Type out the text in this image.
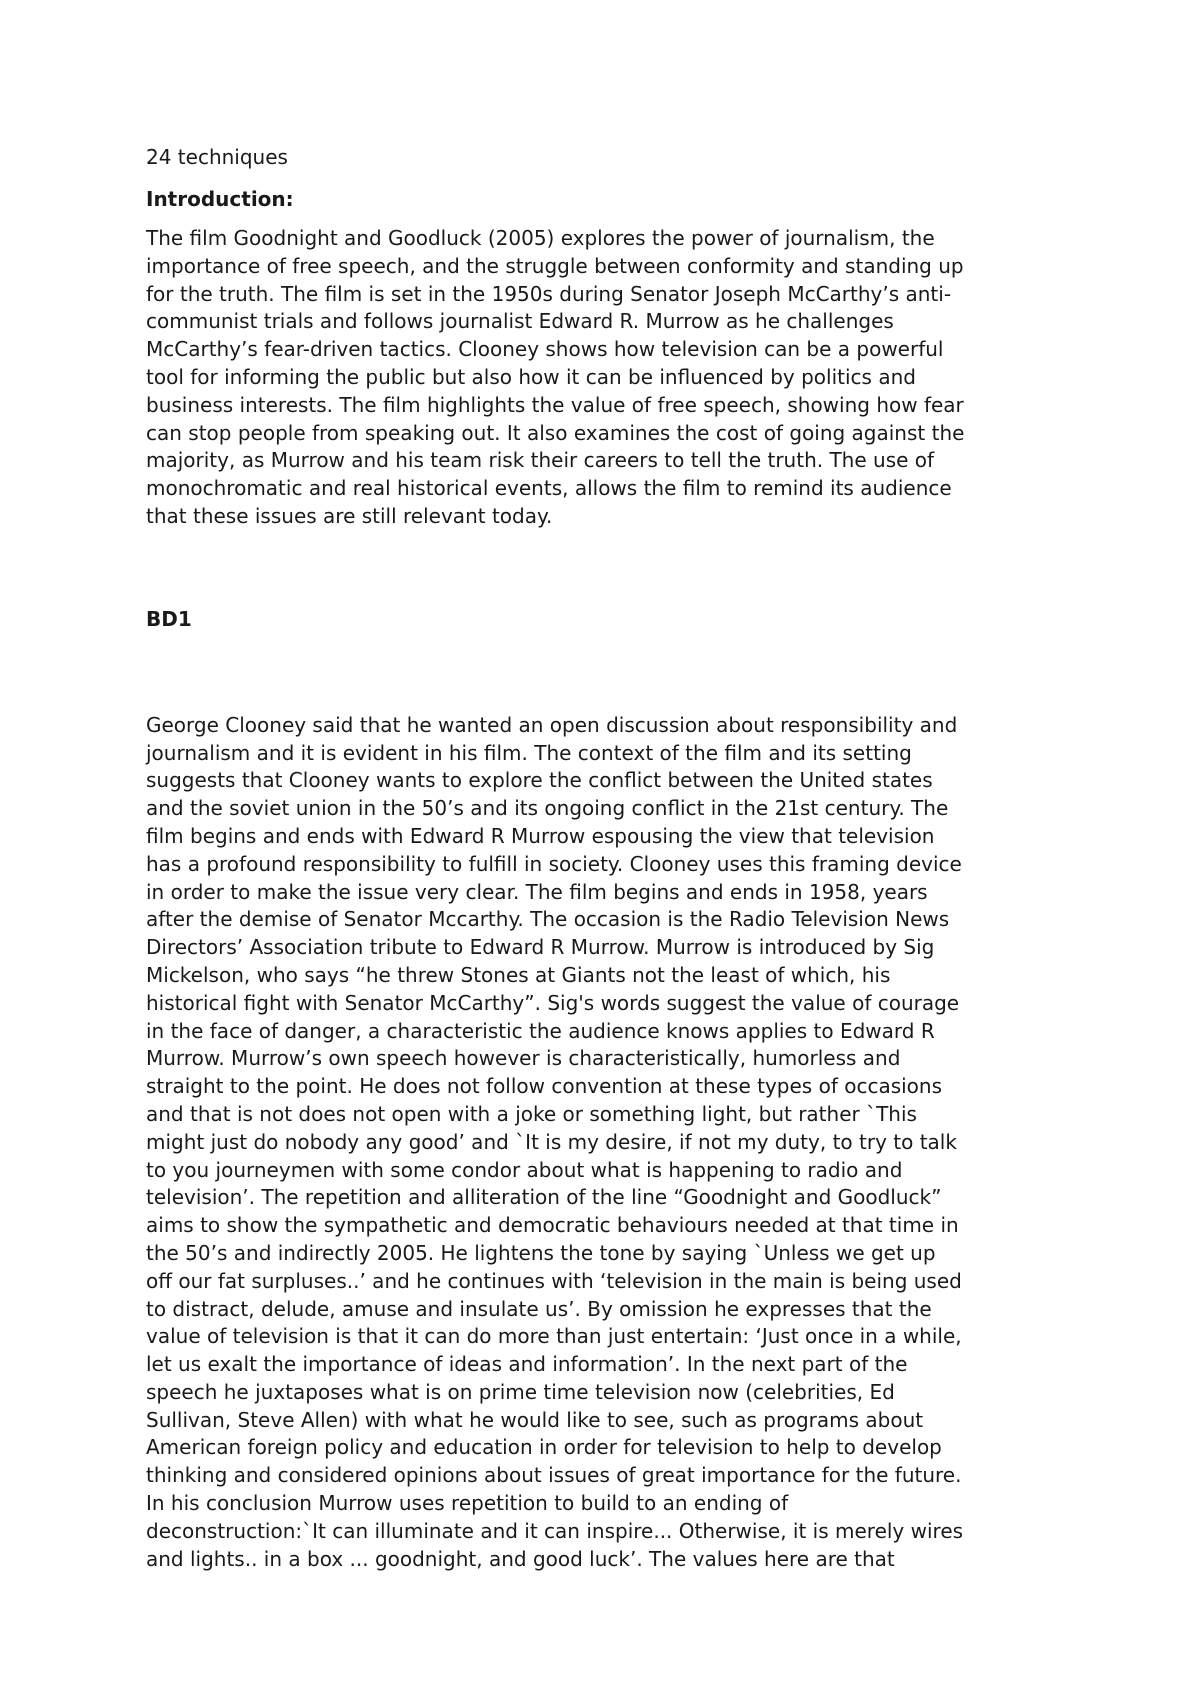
24 techniques
Introduction:

The film Goodnight and Goodluck (2005) explores the power of journalism, the
importance of free speech, and the struggle between conformity and standing up
for the truth. The film is set in the 1950s during Senator Joseph McCarthy’s anti-
communist trials and follows journalist Edward R. Murrow as he challenges
McCarthy’s fear-driven tactics. Clooney shows how television can be a powerful
tool for informing the public but also how it can be influenced by politics and
business interests. The film highlights the value of free speech, showing how fear
can stop people from speaking out. It also examines the cost of going against the
majority, as Murrow and his team risk their careers to tell the truth. The use of
monochromatic and real historical events, allows the film to remind its audience
that these issues are still relevant today.

BD1

George Clooney said that he wanted an open discussion about responsibility and
journalism and it is evident in his film. The context of the film and its setting
suggests that Clooney wants to explore the conflict between the United states
and the soviet union in the 50’s and its ongoing conflict in the 21st century. The
film begins and ends with Edward R Murrow espousing the view that television
has a profound responsibility to fulfill in society. Clooney uses this framing device
in order to make the issue very clear. The film begins and ends in 1958, years
after the demise of Senator Mccarthy. The occasion is the Radio Television News
Directors’ Association tribute to Edward R Murrow. Murrow is introduced by Sig
Mickelson, who says “he threw Stones at Giants not the least of which, his
historical fight with Senator McCarthy”. Sig's words suggest the value of courage
in the face of danger, a characteristic the audience knows applies to Edward R
Murrow. Murrow’s own speech however is characteristically, humorless and
straight to the point. He does not follow convention at these types of occasions
and that is not does not open with a joke or something light, but rather `This
might just do nobody any good’ and `It is my desire, if not my duty, to try to talk
to you journeymen with some condor about what is happening to radio and
television’. The repetition and alliteration of the line “Goodnight and Goodluck”
aims to show the sympathetic and democratic behaviours needed at that time in
the 50’s and indirectly 2005. He lightens the tone by saying `Unless we get up
off our fat surpluses..’ and he continues with ‘television in the main is being used
to distract, delude, amuse and insulate us’. By omission he expresses that the
value of television is that it can do more than just entertain: ‘Just once in a while,
let us exalt the importance of ideas and information’. In the next part of the
speech he juxtaposes what is on prime time television now (celebrities, Ed
Sullivan, Steve Allen) with what he would like to see, such as programs about
American foreign policy and education in order for television to help to develop
thinking and considered opinions about issues of great importance for the future.
In his conclusion Murrow uses repetition to build to an ending of
deconstruction:`It can illuminate and it can inspire... Otherwise, it is merely wires
and lights.. in a box ... goodnight, and good luck’. The values here are that
